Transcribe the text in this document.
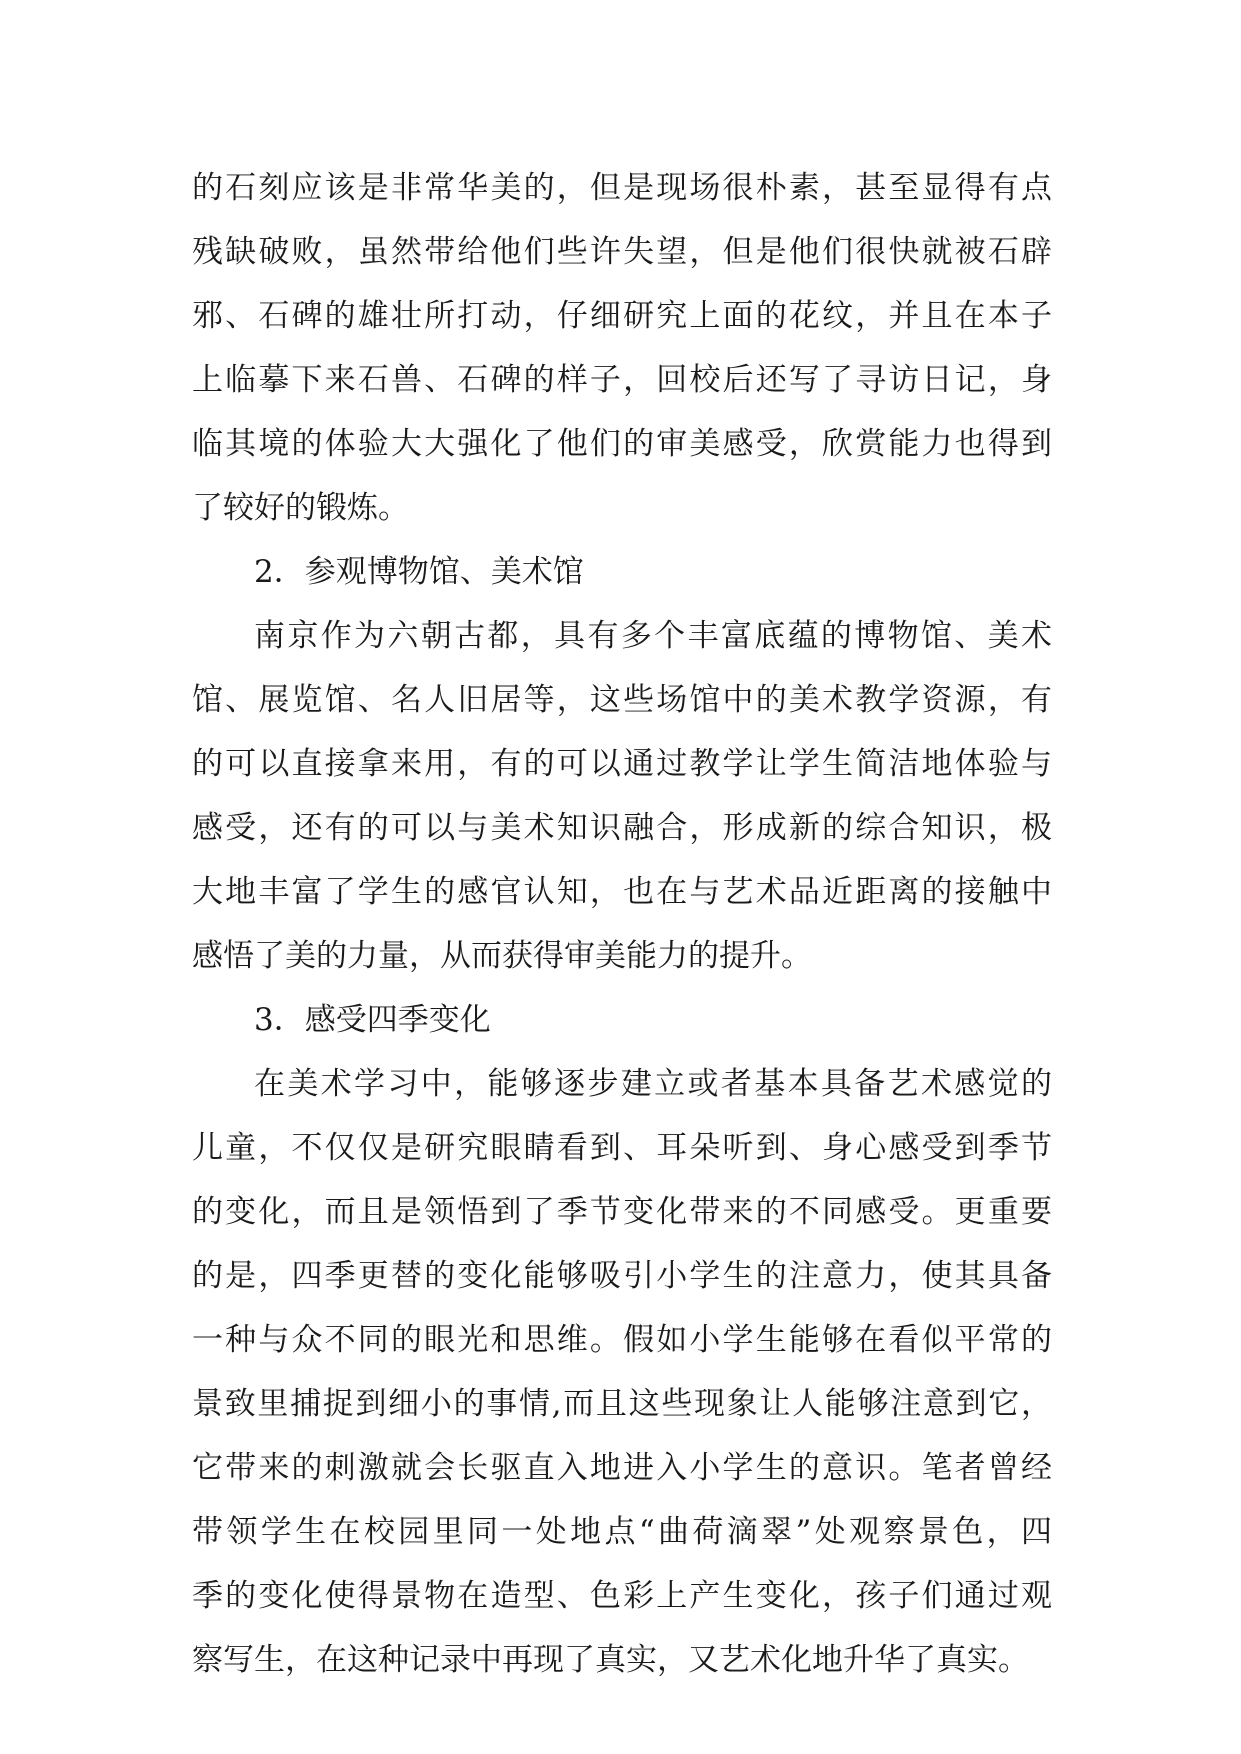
的石刻应该是非常华美的，但是现场很朴素，甚至显得有点
残缺破败，虽然带给他们些许失望，但是他们很快就被石辟
邪、石碑的雄壮所打动，仔细研究上面的花纹，并且在本子
上临摹下来石兽、石碑的样子，回校后还写了寻访日记，身
临其境的体验大大强化了他们的审美感受，欣赏能力也得到
了较好的锻炼。
2．参观博物馆、美术馆
南京作为六朝古都，具有多个丰富底蕴的博物馆、美术
馆、展览馆、名人旧居等，这些场馆中的美术教学资源，有
的可以直接拿来用，有的可以通过教学让学生简洁地体验与
感受，还有的可以与美术知识融合，形成新的综合知识，极
大地丰富了学生的感官认知，也在与艺术品近距离的接触中
感悟了美的力量，从而获得审美能力的提升。
3．感受四季变化
在美术学习中，能够逐步建立或者基本具备艺术感觉的
儿童，不仅仅是研究眼睛看到、耳朵听到、身心感受到季节
的变化，而且是领悟到了季节变化带来的不同感受。更重要
的是，四季更替的变化能够吸引小学生的注意力，使其具备
一种与众不同的眼光和思维。假如小学生能够在看似平常的
景致里捕捉到细小的事情,而且这些现象让人能够注意到它，
它带来的刺激就会长驱直入地进入小学生的意识。笔者曾经
带领学生在校园里同一处地点“曲荷滴翠”处观察景色，四
季的变化使得景物在造型、色彩上产生变化，孩子们通过观
察写生，在这种记录中再现了真实，又艺术化地升华了真实。
